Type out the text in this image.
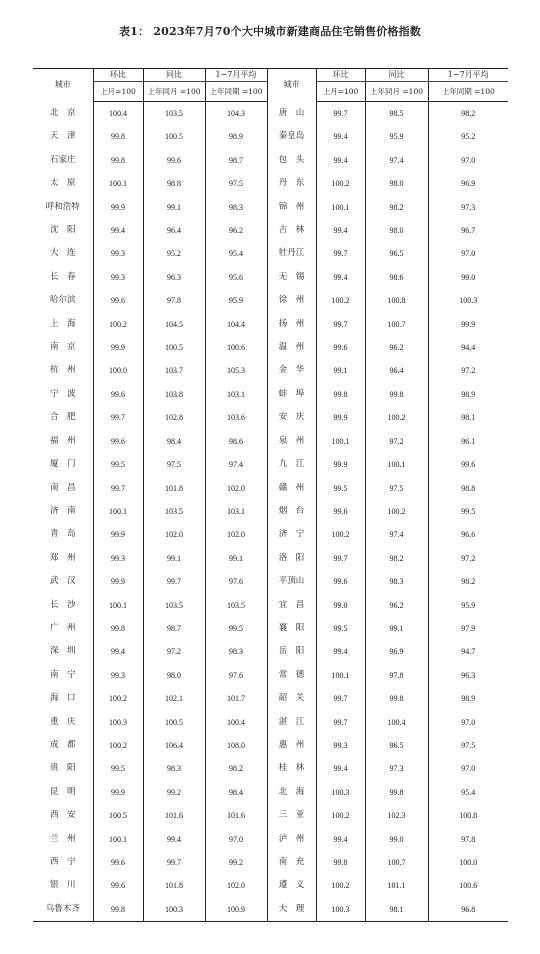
表1： 2023年7月70个大中城市新建商品住宅销售价格指数
城市	环比	同比	1−7月平均	城市	环比	同比	1−7月平均
	上月=100	上年同月 =100	上年同期 =100		上月=100	上年同月 =100	上年同期 =100
北　京	100.4	103.5	104.3	唐　山	99.7	98.5	98.2
天　津	99.8	100.5	98.9	秦皇岛	99.4	95.9	95.2
石家庄	99.8	99.6	98.7	包　头	99.4	97.4	97.0
太　原	100.1	98.8	97.5	丹　东	100.2	98.0	96.9
呼和浩特	99.9	99.1	98.3	锦　州	100.1	98.2	97.3
沈　阳	99.4	96.4	96.2	吉　林	99.4	98.0	96.7
大　连	99.3	95.2	95.4	牡丹江	99.7	96.5	97.0
长　春	99.3	96.3	95.6	无　锡	99.4	98.6	99.0
哈尔滨	99.6	97.8	95.9	徐　州	100.2	100.8	100.3
上　海	100.2	104.5	104.4	扬　州	99.7	100.7	99.9
南　京	99.9	100.5	100.6	温　州	99.6	96.2	94.4
杭　州	100.0	103.7	105.3	金　华	99.1	96.4	97.2
宁　波	99.6	103.8	103.1	蚌　埠	99.8	99.8	98.9
合　肥	99.7	102.8	103.6	安　庆	99.9	100.2	98.1
福　州	99.6	98.4	98.6	泉　州	100.1	97.2	96.1
厦　门	99.5	97.5	97.4	九　江	99.9	100.1	99.6
南　昌	99.7	101.8	102.0	赣　州	99.5	97.5	98.8
济　南	100.1	103.5	103.1	烟　台	99.6	100.2	99.5
青　岛	99.9	102.0	102.0	济　宁	100.2	97.4	96.6
郑　州	99.3	99.1	99.1	洛　阳	99.7	98.2	97.2
武　汉	99.9	99.7	97.6	平顶山	99.6	98.3	98.2
长　沙	100.1	103.5	103.5	宜　昌	99.0	96.2	95.9
广　州	99.8	98.7	99.5	襄　阳	99.5	99.1	97.9
深　圳	99.4	97.2	98.3	岳　阳	99.4	96.9	94.7
南　宁	99.3	98.0	97.6	常　德	100.1	97.8	96.3
海　口	100.2	102.1	101.7	韶　关	99.7	99.8	98.9
重　庆	100.3	100.5	100.4	湛　江	99.7	100.4	97.0
成　都	100.2	106.4	108.0	惠　州	99.3	96.5	97.5
贵　阳	99.5	98.3	98.2	桂　林	99.4	97.3	97.0
昆　明	99.9	99.2	98.4	北　海	100.3	99.8	95.4
西　安	100.5	101.6	101.6	三　亚	100.2	102.3	100.8
兰　州	100.1	99.4	97.0	泸　州	99.4	99.0	97.8
西　宁	99.6	99.7	99.2	南　充	99.8	100.7	100.0
银　川	99.6	101.8	102.0	遵　义	100.2	101.1	100.6
乌鲁木齐	99.8	100.3	100.9	大　理	100.3	98.1	96.8
